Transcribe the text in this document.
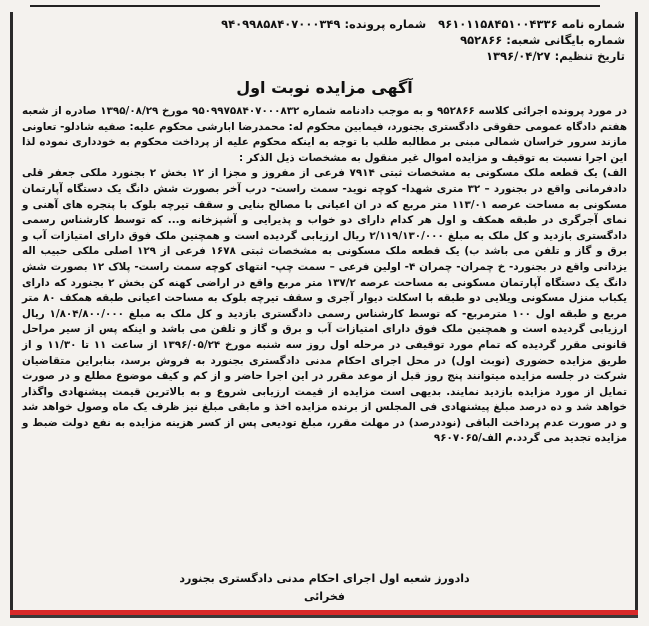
شماره نامه ۹۶۱۰۱۱۵۸۴۵۱۰۰۴۳۳۶   شماره پرونده: ۹۴۰۹۹۸۵۸۴۰۷۰۰۰۳۴۹
شماره بایگانی شعبه: ۹۵۲۸۶۶
تاریخ تنظیم: ۱۳۹۶/۰۴/۲۷
آگهی مزایده نوبت اول

در مورد پرونده اجرائی کلاسه ۹۵۲۸۶۶ و به موجب دادنامه شماره ۹۵۰۹۹۷۵۸۴۰۷۰۰۰۸۳۲ مورخ ۱۳۹۵/۰۸/۲۹ صادره از شعبه هفتم دادگاه عمومی حقوقی دادگستری بجنورد، فیمابین محکوم له: محمدرضا ابارشی محکوم علیه: صفیه شادلو- تعاونی مازند سرور خراسان شمالی مبنی بر مطالبه طلب با توجه به اینکه محکوم علیه از پرداخت محکوم به خودداری نموده لذا این اجرا نسبت به توقیف و مزایده اموال غیر منقول به مشخصات ذیل الذکر :

الف) یک قطعه ملک مسکونی به مشخصات ثبتی ۷۹۱۴ فرعی از مفروز و مجزا از ۱۲ بخش ۲ بجنورد ملکی جعفر قلی دادفرمانی واقع در بجنورد – ۳۲ متری شهدا- کوچه نوید- سمت راست- درب آخر بصورت شش دانگ یک دستگاه آپارتمان مسکونی به مساحت عرصه ۱۱۳/۰۱ متر مربع که در ان اعیانی با مصالح بنایی و سقف تیرچه بلوک با پنجره های آهنی و نمای آجرگری در طبقه همکف و اول هر کدام دارای دو خواب و پذیرایی و آشپزخانه و... که توسط کارشناس رسمی دادگستری بازدید و کل ملک به مبلغ ۲/۱۱۹/۱۳۰/۰۰۰ ریال ارزیابی گردیده است و همچنین ملک فوق دارای امتیازات آب و برق و گاز و تلفن می باشد ب) یک قطعه ملک مسکونی به مشخصات ثبتی ۱۶۷۸ فرعی از ۱۲۹ اصلی ملکی حبیب اله یزدانی واقع در بجنورد- خ چمران- چمران ۴- اولین فرعی – سمت چپ- انتهای کوچه سمت راست- پلاک ۱۲ بصورت شش دانگ یک دستگاه آپارتمان مسکونی به مساحت عرصه ۱۳۷/۲ متر مربع واقع در اراضی کهنه کن بخش ۲ بجنورد که دارای یکباب منزل مسکونی ویلایی دو طبقه با اسکلت دیوار آجری و سقف تیرچه بلوک به مساحت اعیانی طبقه همکف ۸۰ متر مربع و طبقه اول ۱۰۰ مترمربع- که توسط کارشناس رسمی دادگستری بازدید و کل ملک به مبلغ ۱/۸۰۴/۸۰۰/۰۰۰ ریال ارزیابی گردیده است و همچنین ملک فوق دارای امتیازات آب و برق و گاز و تلفن می باشد و اینکه پس از سیر مراحل قانونی مقرر گردیده که تمام مورد توقیفی در مرحله اول روز سه شنبه مورخ ۱۳۹۶/۰۵/۲۴ از ساعت ۱۱ تا ۱۱/۳۰ و از طریق مزایده حضوری (نوبت اول) در محل اجرای احکام مدنی دادگستری بجنورد به فروش برسد، بنابراین متقاضیان شرکت در جلسه مزایده میتوانند پنج روز قبل از موعد مقرر در این اجرا حاضر و از کم و کیف موضوع مطلع و در صورت تمایل از مورد مزایده بازدید نمایند. بدیهی است مزایده از قیمت ارزیابی شروع و به بالاترین قیمت پیشنهادی واگذار خواهد شد و ده درصد مبلغ پیشنهادی فی المجلس از برنده مزایده اخذ و مابقی مبلغ نیز ظرف یک ماه وصول خواهد شد و در صورت عدم پرداخت الباقی (نوددرصد) در مهلت مقرر، مبلغ تودیعی پس از کسر هزینه مزایده به نفع دولت ضبط و مزایده تجدید می گردد.م الف/۹۶۰۷۰۶۵

دادورز شعبه اول اجرای احکام مدنی دادگستری بجنورد
فخرائی
